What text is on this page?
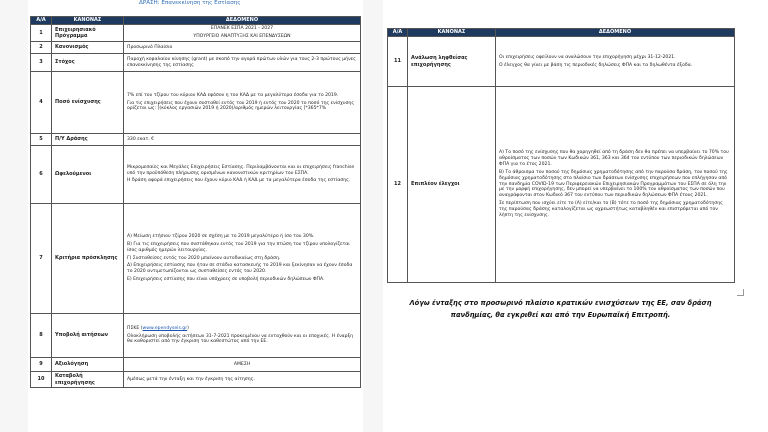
ΔΡΑΣΗ: Επανεκκίνηση της Εστίασης
Α/Α	ΚΑΝΟΝΑΣ	ΔΕΔΟΜΕΝΟ
1	Επιχειρησιακό Πρόγραμμα	ΕΠΑΝΕΚ ΕΣΠΑ 2021 - 2027

ΥΠΟΥΡΓΕΙΟ ΑΝΑΠΤΥΞΗΣ ΚΑΙ ΕΠΕΝΔΥΣΕΩΝ

2	Κανονισμός	Προσωρινό Πλαίσιο

3	Στόχος	Παροχή κεφαλαίου κίνησης (grant) με σκοπό την αγορά πρώτων υλών για τους 2-3 πρώτους μήνες επανεκκίνησης της εστίασης

4	Ποσό ενίσχυσης	7% επί του τζίρου του κύριου ΚΑΔ εφόσον η του ΚΑΔ με τα μεγαλύτερα έσοδα για το 2019.

Για τις επιχειρήσεις που έχουν συσταθεί εντός του 2019 ή εντός του 2020 το ποσό της ενίσχυσης ορίζεται ως: [(κύκλος εργασιών 2019 ή 2020)/αριθμός ημερών λειτουργίας ]*365*7%

5	Π/Υ Δράσης	330 εκατ. €

6	Ωφελούμενοι	Μικρομεσαίες και Μεγάλες Επιχειρήσεις Εστίασης. Περιλαμβάνονται και οι επιχειρήσεις franchise υπό την προϋπόθεση πλήρωσης ορισμένων κανονιστικών κριτηρίων του ΕΣΠΑ.

Η δράση αφορά επιχειρήσεις που έχουν κύριο ΚΑΔ ή ΚΑΔ με τα μεγαλύτερα έσοδα της εστίασης.

7	Κριτήρια πρόσκλησης	Α) Μείωση ετήσιου τζίρου 2020 σε σχέση με το 2019 μεγαλύτερο ή ίσο του 30%.

Β) Για τις επιχειρήσεις που συστάθηκαν εντός του 2019 για την πτώση του τζίρου υπολογίζεται ίσος αριθμός ημερών λειτουργίας.

Γ) Συσταθείσες εντός του 2020 μπαίνουν αυτοδικαίως στη δράση.

Δ) Επιχειρήσεις εστίασης που ήταν σε στάδιο κατασκευής το 2019 και ξεκίνησαν να έχουν έσοδα το 2020 αντιμετωπίζονται ως συσταθείσες εντός του 2020.

Ε) Επιχειρήσεις εστίασης που είναι υπόχρεες σε υποβολή περιοδικών δηλώσεων ΦΠΑ.

8	Υποβολή αιτήσεων	ΠΣΚΕ (www.ependyseis.gr)

Ολοκλήρωση υποβολής αιτήσεων 31-7-2021 προκειμένου να ενταχθούν και οι εποχικές. Η έναρξη θα καθοριστεί από την έγκριση του καθεστώτος από την ΕΕ.

9	Αξιολόγηση	ΑΜΕΣΗ

10	Καταβολή επιχορήγησης	Αμέσως μετά την ένταξη και την έγκριση της αίτησης.

Α/Α	ΚΑΝΟΝΑΣ	ΔΕΔΟΜΕΝΟ
11	Ανάλωση ληφθείσας επιχορήγησης	Οι επιχειρήσεις οφείλουν να αναλώσουν την επιχορήγηση μέχρι 31-12-2021.

Ο έλεγχος θα γίνει με βάση τις περιοδικές δηλώσεις ΦΠΑ και τα δηλωθέντα έξοδα.

12	Επιπλέον έλεγχοι	Α) Το ποσό της ενίσχυσης που θα χορηγηθεί από τη δράση δεν θα πρέπει να υπερβαίνει το 70% του αθροίσματος των ποσών των Κωδικών 361, 363 και 364 του εντύπου των περιοδικών δηλώσεων ΦΠΑ για το έτος 2021.

Β) Το άθροισμα του ποσού της δημόσιας χρηματοδότησης από την παρούσα δράση, του ποσού της δημόσιας χρηματοδότησης στο πλαίσιο των δράσεων ενίσχυσης επιχειρήσεων που επλήγησαν από την πανδημία COVID-19 των Περιφερειακών Επιχειρησιακών Προγραμμάτων του ΕΣΠΑ σε όλη την με την μορφή επιχορήγησης, δεν μπορεί να υπερβαίνει το 100% του αθροίσματος των ποσών που αναγράφονται στον Κωδικό 367 του εντύπου των περιοδικών δηλώσεων ΦΠΑ έτους 2021.

Σε περίπτωση που ισχύει είτε το (Α) είτε/και το (Β) τότε το ποσό της δημόσιας χρηματοδότησης της παρούσας δράσης καταλογίζεται ως αχρεωστήτως καταβληθέν και επιστρέφεται από τον λήπτη της ενίσχυσης.

Λόγω ένταξης στο προσωρινό πλαίσιο κρατικών ενισχύσεων της ΕΕ, σαν δράση πανδημίας, θα εγκριθεί και από την Ευρωπαϊκή Επιτροπή.
